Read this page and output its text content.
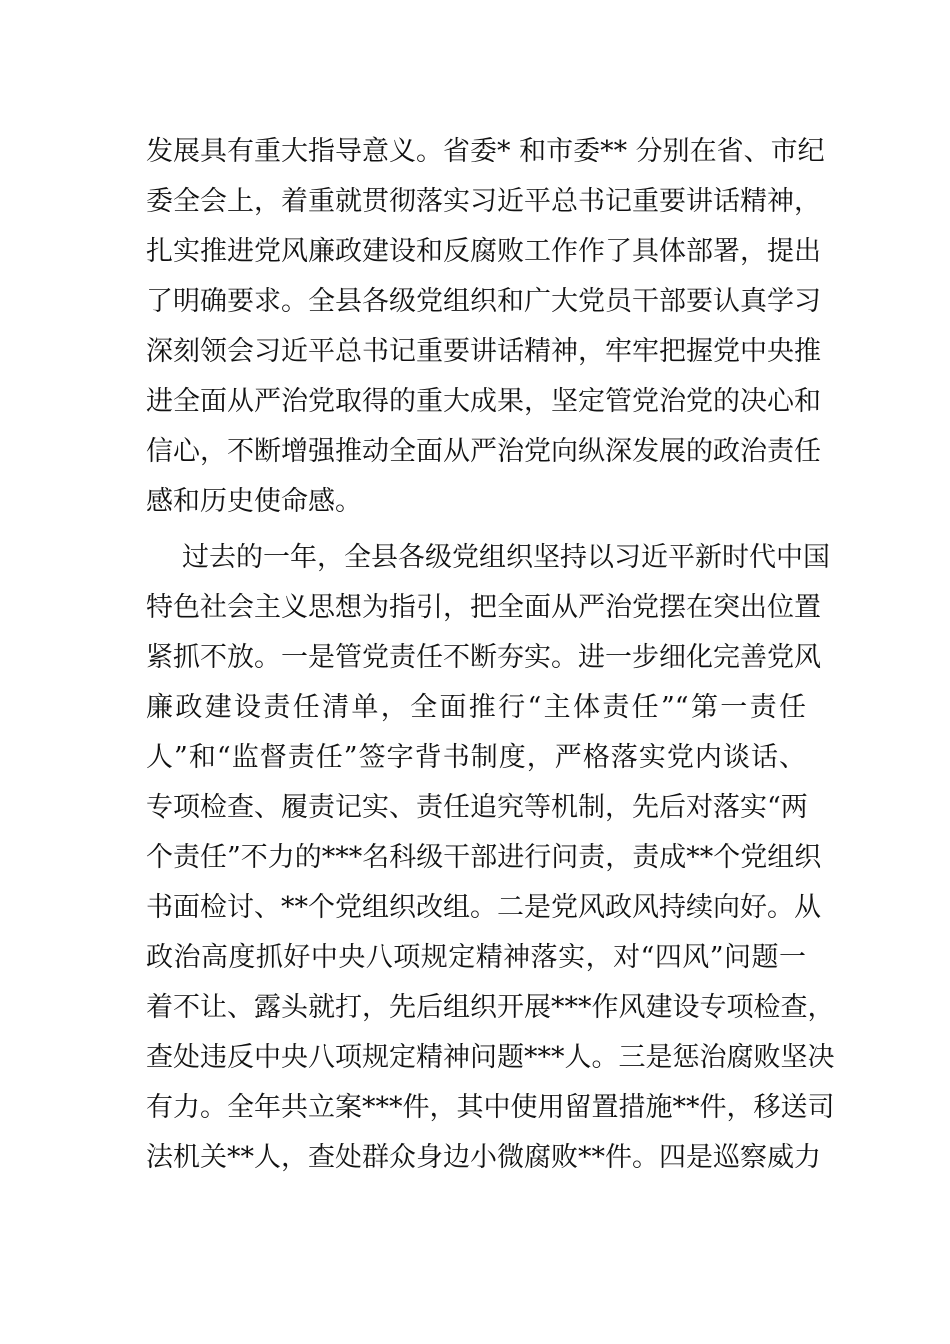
发展具有重大指导意义。省委* 和市委** 分别在省、市纪
委全会上，着重就贯彻落实习近平总书记重要讲话精神，
扎实推进党风廉政建设和反腐败工作作了具体部署，提出
了明确要求。全县各级党组织和广大党员干部要认真学习
深刻领会习近平总书记重要讲话精神，牢牢把握党中央推
进全面从严治党取得的重大成果，坚定管党治党的决心和
信心，不断增强推动全面从严治党向纵深发展的政治责任
感和历史使命感。
过去的一年，全县各级党组织坚持以习近平新时代中国
特色社会主义思想为指引，把全面从严治党摆在突出位置
紧抓不放。一是管党责任不断夯实。进一步细化完善党风
廉政建设责任清单，全面推行“主体责任”“第一责任
人”和“监督责任”签字背书制度，严格落实党内谈话、
专项检查、履责记实、责任追究等机制，先后对落实“两
个责任”不力的***名科级干部进行问责，责成**个党组织
书面检讨、**个党组织改组。二是党风政风持续向好。从
政治高度抓好中央八项规定精神落实，对“四风”问题一
着不让、露头就打，先后组织开展***作风建设专项检查，
查处违反中央八项规定精神问题***人。三是惩治腐败坚决
有力。全年共立案***件，其中使用留置措施**件，移送司
法机关**人，查处群众身边小微腐败**件。四是巡察威力
